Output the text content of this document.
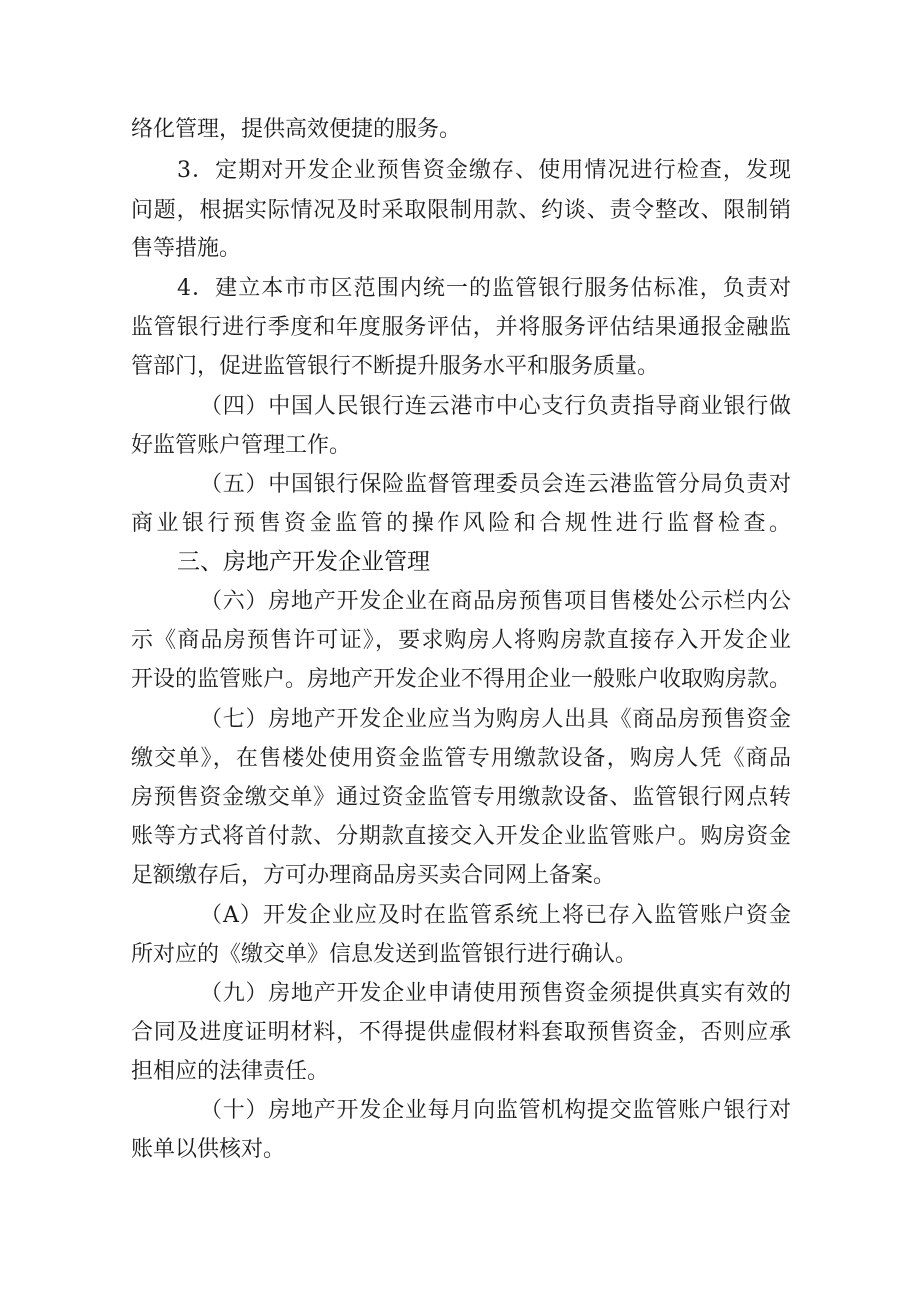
络化管理，提供高效便捷的服务。
3．定期对开发企业预售资金缴存、使用情况进行检查，发现
问题，根据实际情况及时采取限制用款、约谈、责令整改、限制销
售等措施。
4．建立本市市区范围内统一的监管银行服务估标准，负责对
监管银行进行季度和年度服务评估，并将服务评估结果通报金融监
管部门，促进监管银行不断提升服务水平和服务质量。
（四）中国人民银行连云港市中心支行负责指导商业银行做
好监管账户管理工作。
（五）中国银行保险监督管理委员会连云港监管分局负责对
商业银行预售资金监管的操作风险和合规性进行监督检查。
三、房地产开发企业管理
（六）房地产开发企业在商品房预售项目售楼处公示栏内公
示《商品房预售许可证》，要求购房人将购房款直接存入开发企业
开设的监管账户。房地产开发企业不得用企业一般账户收取购房款。
（七）房地产开发企业应当为购房人出具《商品房预售资金
缴交单》，在售楼处使用资金监管专用缴款设备，购房人凭《商品
房预售资金缴交单》通过资金监管专用缴款设备、监管银行网点转
账等方式将首付款、分期款直接交入开发企业监管账户。购房资金
足额缴存后，方可办理商品房买卖合同网上备案。
（A）开发企业应及时在监管系统上将已存入监管账户资金
所对应的《缴交单》信息发送到监管银行进行确认。
（九）房地产开发企业申请使用预售资金须提供真实有效的
合同及进度证明材料，不得提供虚假材料套取预售资金，否则应承
担相应的法律责任。
（十）房地产开发企业每月向监管机构提交监管账户银行对
账单以供核对。
